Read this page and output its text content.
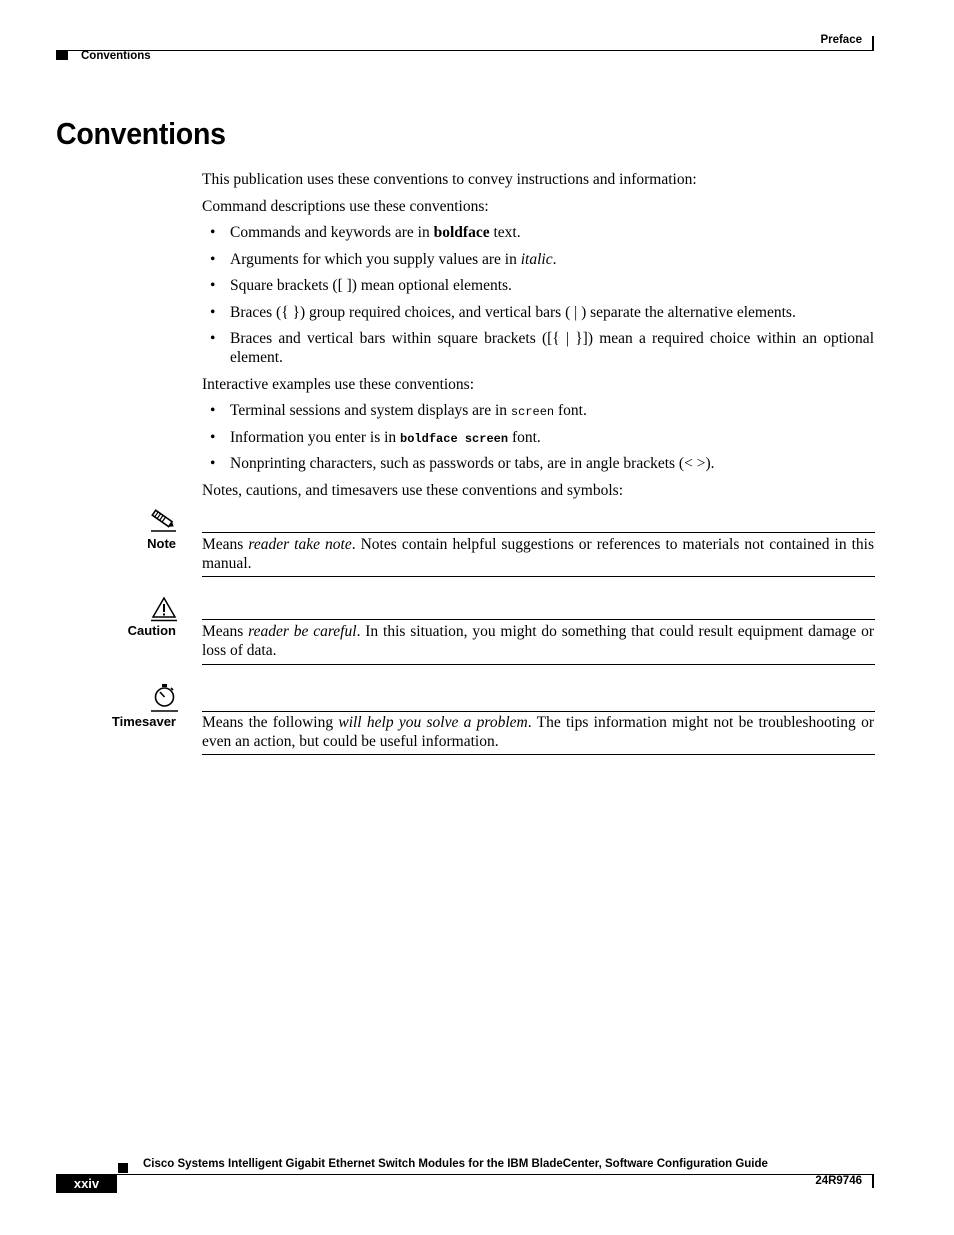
Preface
Conventions
Conventions

This publication uses these conventions to convey instructions and information:

Command descriptions use these conventions:

• Commands and keywords are in boldface text.
• Arguments for which you supply values are in italic.
• Square brackets ([ ]) mean optional elements.
• Braces ({ }) group required choices, and vertical bars ( | ) separate the alternative elements.
• Braces and vertical bars within square brackets ([{ | }]) mean a required choice within an optional element.

Interactive examples use these conventions:

• Terminal sessions and system displays are in screen font.
• Information you enter is in boldface screen font.
• Nonprinting characters, such as passwords or tabs, are in angle brackets (< >).

Notes, cautions, and timesavers use these conventions and symbols:

Note Means reader take note. Notes contain helpful suggestions or references to materials not contained in this manual.
Caution Means reader be careful. In this situation, you might do something that could result equipment damage or loss of data.
Timesaver Means the following will help you solve a problem. The tips information might not be troubleshooting or even an action, but could be useful information.
Cisco Systems Intelligent Gigabit Ethernet Switch Modules for the IBM BladeCenter, Software Configuration Guide
xxiv	24R9746
